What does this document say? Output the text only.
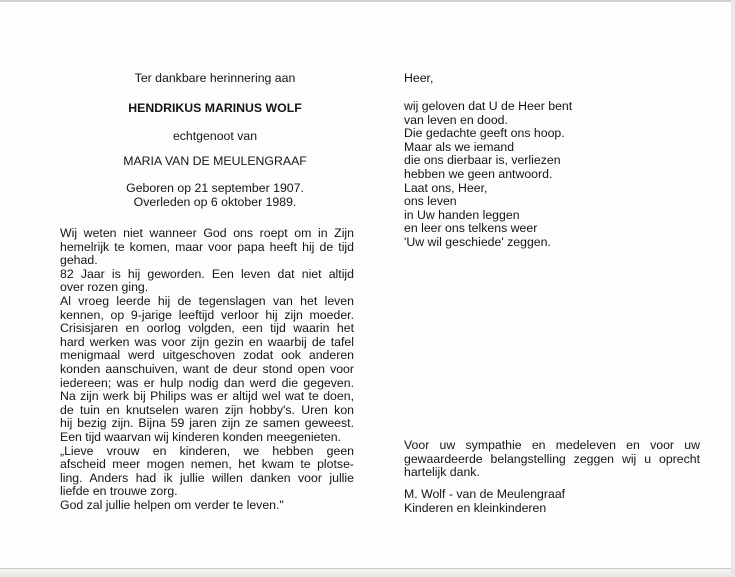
Ter dankbare herinnering aan
HENDRIKUS MARINUS WOLF
echtgenoot van
MARIA VAN DE MEULENGRAAF
Geboren op 21 september 1907.
Overleden op 6 oktober 1989.
Wij weten niet wanneer God ons roept om in Zijn
hemelrijk te komen, maar voor papa heeft hij de tijd
gehad.
82 Jaar is hij geworden. Een leven dat niet altijd
over rozen ging.
Al vroeg leerde hij de tegenslagen van het leven
kennen, op 9-jarige leeftijd verloor hij zijn moeder.
Crisisjaren en oorlog volgden, een tijd waarin het
hard werken was voor zijn gezin en waarbij de tafel
menigmaal werd uitgeschoven zodat ook anderen
konden aanschuiven, want de deur stond open voor
iedereen; was er hulp nodig dan werd die gegeven.
Na zijn werk bij Philips was er altijd wel wat te doen,
de tuin en knutselen waren zijn hobby's. Uren kon
hij bezig zijn. Bijna 59 jaren zijn ze samen geweest.
Een tijd waarvan wij kinderen konden meegenieten.
„Lieve vrouw en kinderen, we hebben geen
afscheid meer mogen nemen, het kwam te plotse-
ling. Anders had ik jullie willen danken voor jullie
liefde en trouwe zorg.
God zal jullie helpen om verder te leven."
Heer,
wij geloven dat U de Heer bent
van leven en dood.
Die gedachte geeft ons hoop.
Maar als we iemand
die ons dierbaar is, verliezen
hebben we geen antwoord.
Laat ons, Heer,
ons leven
in Uw handen leggen
en leer ons telkens weer
'Uw wil geschiede' zeggen.
Voor uw sympathie en medeleven en voor uw
gewaardeerde belangstelling zeggen wij u oprecht
hartelijk dank.
M. Wolf - van de Meulengraaf
Kinderen en kleinkinderen
